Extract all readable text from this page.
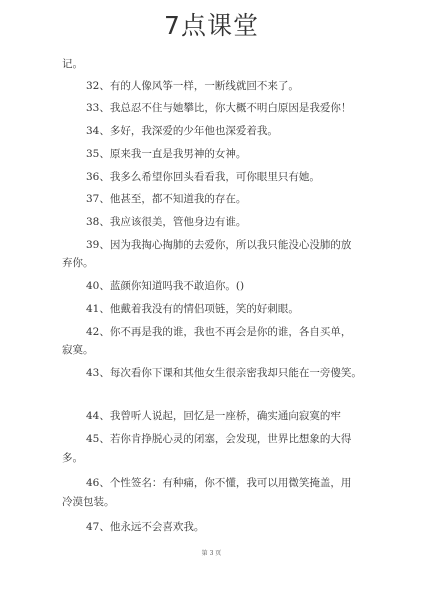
7点课堂
记。
32、有的人像风筝一样，一断线就回不来了。
33、我总忍不住与她攀比，你大概不明白原因是我爱你！
34、多好，我深爱的少年他也深爱着我。
35、原来我一直是我男神的女神。
36、我多么希望你回头看看我，可你眼里只有她。
37、他甚至，都不知道我的存在。
38、我应该很美，管他身边有谁。
39、因为我掏心掏肺的去爱你，所以我只能没心没肺的放
弃你。
40、蓝颜你知道吗我不敢追你。()
41、他戴着我没有的情侣项链，笑的好刺眼。
42、你不再是我的谁，我也不再会是你的谁，各自买单，
寂寞。
43、每次看你下课和其他女生很亲密我却只能在一旁傻笑。
44、我曾听人说起，回忆是一座桥，确实通向寂寞的牢
45、若你肯挣脱心灵的闭塞，会发现，世界比想象的大得
多。
46、个性签名：有种痛，你不懂，我可以用微笑掩盖，用
冷漠包装。
47、他永远不会喜欢我。
第 3 页
